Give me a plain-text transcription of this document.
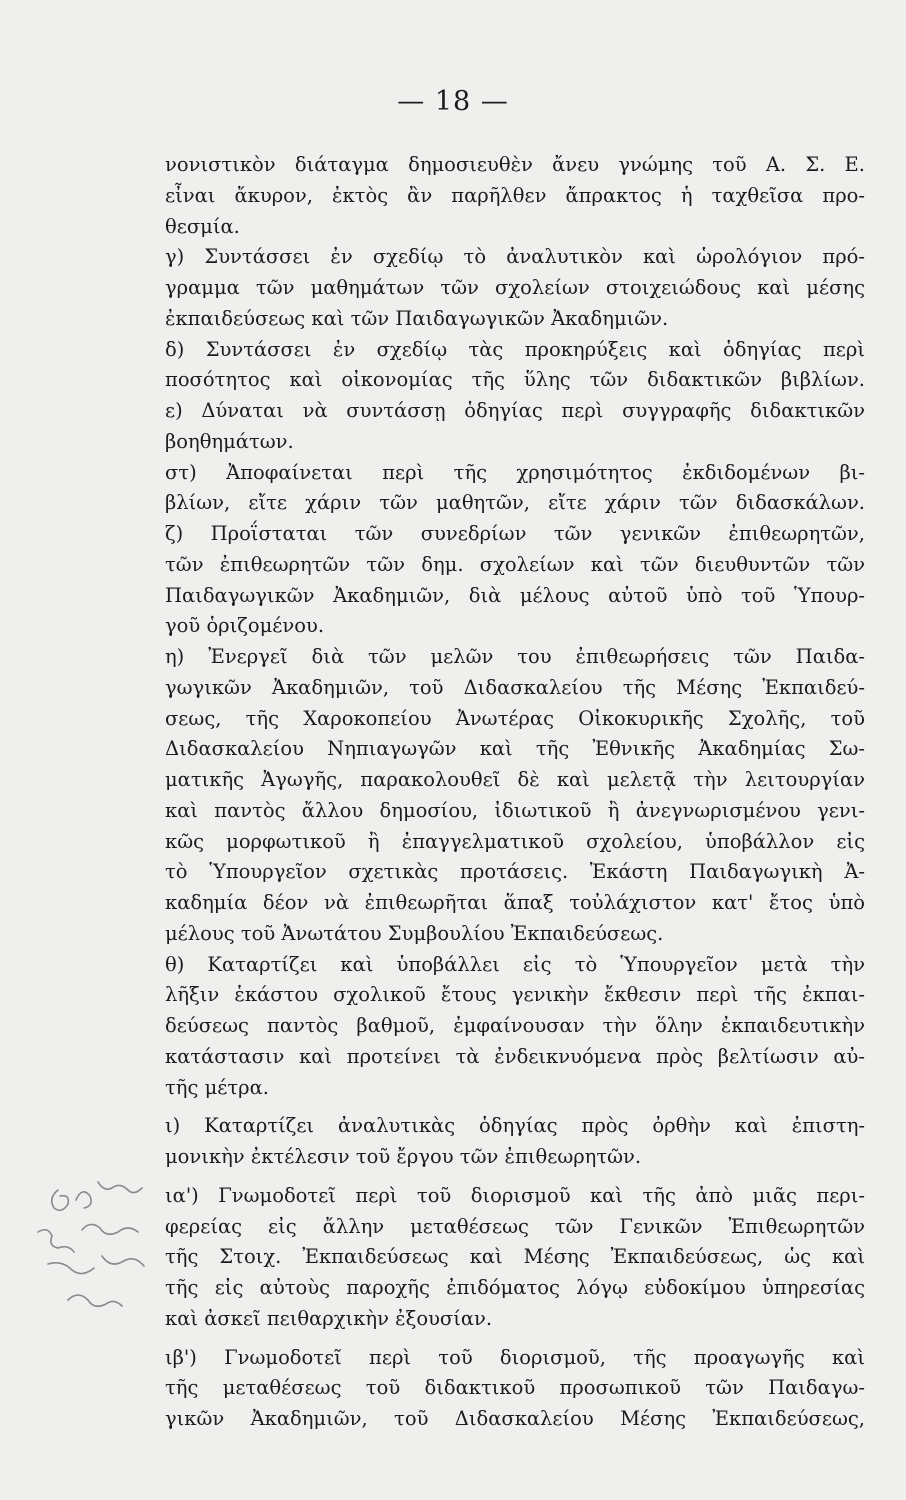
— 18 —
νονιστικὸν διάταγμα δημοσιευθὲν ἄνευ γνώμης τοῦ Α. Σ. Ε.
εἶναι ἄκυρον, ἐκτὸς ἂν παρῆλθεν ἄπρακτος ἡ ταχθεῖσα προ-
θεσμία.
γ) Συντάσσει ἐν σχεδίῳ τὸ ἀναλυτικὸν καὶ ὡρολόγιον πρό-
γραμμα τῶν μαθημάτων τῶν σχολείων στοιχειώδους καὶ μέσης
ἐκπαιδεύσεως καὶ τῶν Παιδαγωγικῶν Ἀκαδημιῶν.
δ) Συντάσσει ἐν σχεδίῳ τὰς προκηρύξεις καὶ ὁδηγίας περὶ
ποσότητος καὶ οἰκονομίας τῆς ὕλης τῶν διδακτικῶν βιβλίων.
ε) Δύναται νὰ συντάσσῃ ὁδηγίας περὶ συγγραφῆς διδακτικῶν
βοηθημάτων.
στ) Ἀποφαίνεται περὶ τῆς χρησιμότητος ἐκδιδομένων βι-
βλίων, εἴτε χάριν τῶν μαθητῶν, εἴτε χάριν τῶν διδασκάλων.
ζ) Προΐσταται τῶν συνεδρίων τῶν γενικῶν ἐπιθεωρητῶν,
τῶν ἐπιθεωρητῶν τῶν δημ. σχολείων καὶ τῶν διευθυντῶν τῶν
Παιδαγωγικῶν Ἀκαδημιῶν, διὰ μέλους αὐτοῦ ὑπὸ τοῦ Ὑπουρ-
γοῦ ὁριζομένου.
η) Ἐνεργεῖ διὰ τῶν μελῶν του ἐπιθεωρήσεις τῶν Παιδα-
γωγικῶν Ἀκαδημιῶν, τοῦ Διδασκαλείου τῆς Μέσης Ἐκπαιδεύ-
σεως, τῆς Χαροκοπείου Ἀνωτέρας Οἰκοκυρικῆς Σχολῆς, τοῦ
Διδασκαλείου Νηπιαγωγῶν καὶ τῆς Ἐθνικῆς Ἀκαδημίας Σω-
ματικῆς Ἀγωγῆς, παρακολουθεῖ δὲ καὶ μελετᾷ τὴν λειτουργίαν
καὶ παντὸς ἄλλου δημοσίου, ἰδιωτικοῦ ἢ ἀνεγνωρισμένου γενι-
κῶς μορφωτικοῦ ἢ ἐπαγγελματικοῦ σχολείου, ὑποβάλλον εἰς
τὸ Ὑπουργεῖον σχετικὰς προτάσεις. Ἑκάστη Παιδαγωγικὴ Ἀ-
καδημία δέον νὰ ἐπιθεωρῆται ἅπαξ τοὐλάχιστον κατ' ἔτος ὑπὸ
μέλους τοῦ Ἀνωτάτου Συμβουλίου Ἐκπαιδεύσεως.
θ) Καταρτίζει καὶ ὑποβάλλει εἰς τὸ Ὑπουργεῖον μετὰ τὴν
λῆξιν ἑκάστου σχολικοῦ ἔτους γενικὴν ἔκθεσιν περὶ τῆς ἐκπαι-
δεύσεως παντὸς βαθμοῦ, ἐμφαίνουσαν τὴν ὅλην ἐκπαιδευτικὴν
κατάστασιν καὶ προτείνει τὰ ἐνδεικνυόμενα πρὸς βελτίωσιν αὐ-
τῆς μέτρα.
ι) Καταρτίζει ἀναλυτικὰς ὁδηγίας πρὸς ὀρθὴν καὶ ἐπιστη-
μονικὴν ἐκτέλεσιν τοῦ ἔργου τῶν ἐπιθεωρητῶν.
ια') Γνωμοδοτεῖ περὶ τοῦ διορισμοῦ καὶ τῆς ἀπὸ μιᾶς περι-
φερείας εἰς ἄλλην μεταθέσεως τῶν Γενικῶν Ἐπιθεωρητῶν
τῆς Στοιχ. Ἐκπαιδεύσεως καὶ Μέσης Ἐκπαιδεύσεως, ὡς καὶ
τῆς εἰς αὐτοὺς παροχῆς ἐπιδόματος λόγῳ εὐδοκίμου ὑπηρεσίας
καὶ ἀσκεῖ πειθαρχικὴν ἐξουσίαν.
ιβ') Γνωμοδοτεῖ περὶ τοῦ διορισμοῦ, τῆς προαγωγῆς καὶ
τῆς μεταθέσεως τοῦ διδακτικοῦ προσωπικοῦ τῶν Παιδαγω-
γικῶν Ἀκαδημιῶν, τοῦ Διδασκαλείου Μέσης Ἐκπαιδεύσεως,
